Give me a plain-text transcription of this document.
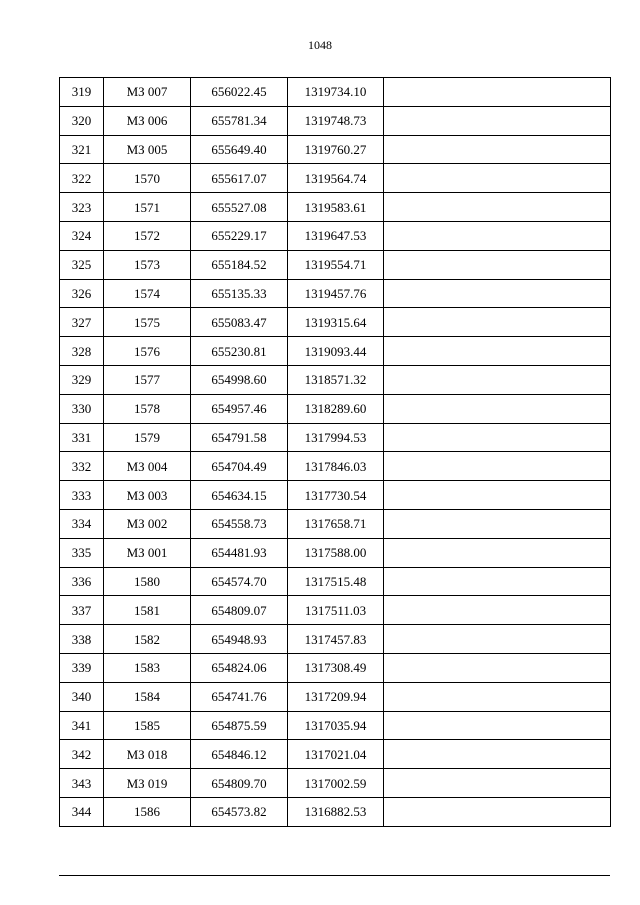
1048
319	МЗ 007	656022.45	1319734.10	
320	МЗ 006	655781.34	1319748.73	
321	МЗ 005	655649.40	1319760.27	
322	1570	655617.07	1319564.74	
323	1571	655527.08	1319583.61	
324	1572	655229.17	1319647.53	
325	1573	655184.52	1319554.71	
326	1574	655135.33	1319457.76	
327	1575	655083.47	1319315.64	
328	1576	655230.81	1319093.44	
329	1577	654998.60	1318571.32	
330	1578	654957.46	1318289.60	
331	1579	654791.58	1317994.53	
332	МЗ 004	654704.49	1317846.03	
333	МЗ 003	654634.15	1317730.54	
334	МЗ 002	654558.73	1317658.71	
335	МЗ 001	654481.93	1317588.00	
336	1580	654574.70	1317515.48	
337	1581	654809.07	1317511.03	
338	1582	654948.93	1317457.83	
339	1583	654824.06	1317308.49	
340	1584	654741.76	1317209.94	
341	1585	654875.59	1317035.94	
342	МЗ 018	654846.12	1317021.04	
343	МЗ 019	654809.70	1317002.59	
344	1586	654573.82	1316882.53	
